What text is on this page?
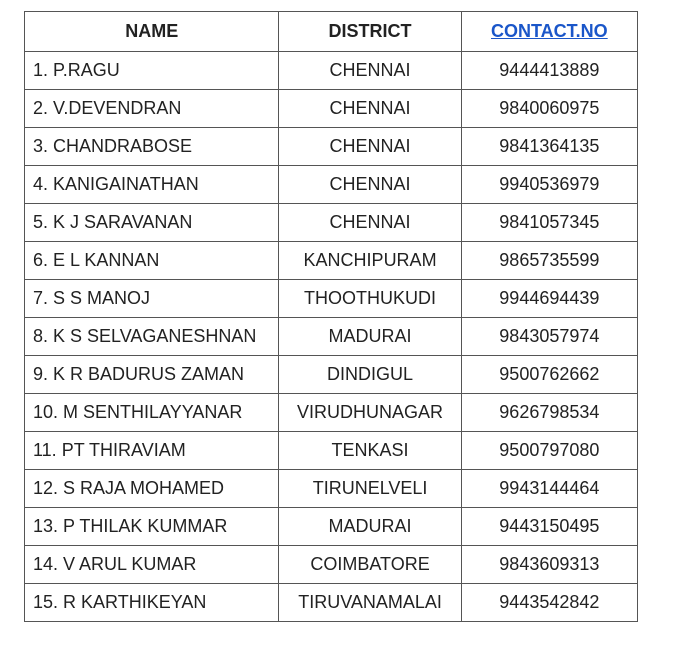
NAME	DISTRICT	CONTACT.NO
1. P.RAGU	CHENNAI	9444413889
2. V.DEVENDRAN	CHENNAI	9840060975
3. CHANDRABOSE	CHENNAI	9841364135
4. KANIGAINATHAN	CHENNAI	9940536979
5. K J SARAVANAN	CHENNAI	9841057345
6. E L KANNAN	KANCHIPURAM	9865735599
7. S S MANOJ	THOOTHUKUDI	9944694439
8. K S SELVAGANESHNAN	MADURAI	9843057974
9. K R BADURUS ZAMAN	DINDIGUL	9500762662
10. M SENTHILAYYANAR	VIRUDHUNAGAR	9626798534
11. PT THIRAVIAM	TENKASI	9500797080
12. S RAJA MOHAMED	TIRUNELVELI	9943144464
13. P THILAK KUMMAR	MADURAI	9443150495
14. V ARUL KUMAR	COIMBATORE	9843609313
15. R KARTHIKEYAN	TIRUVANAMALAI	9443542842
